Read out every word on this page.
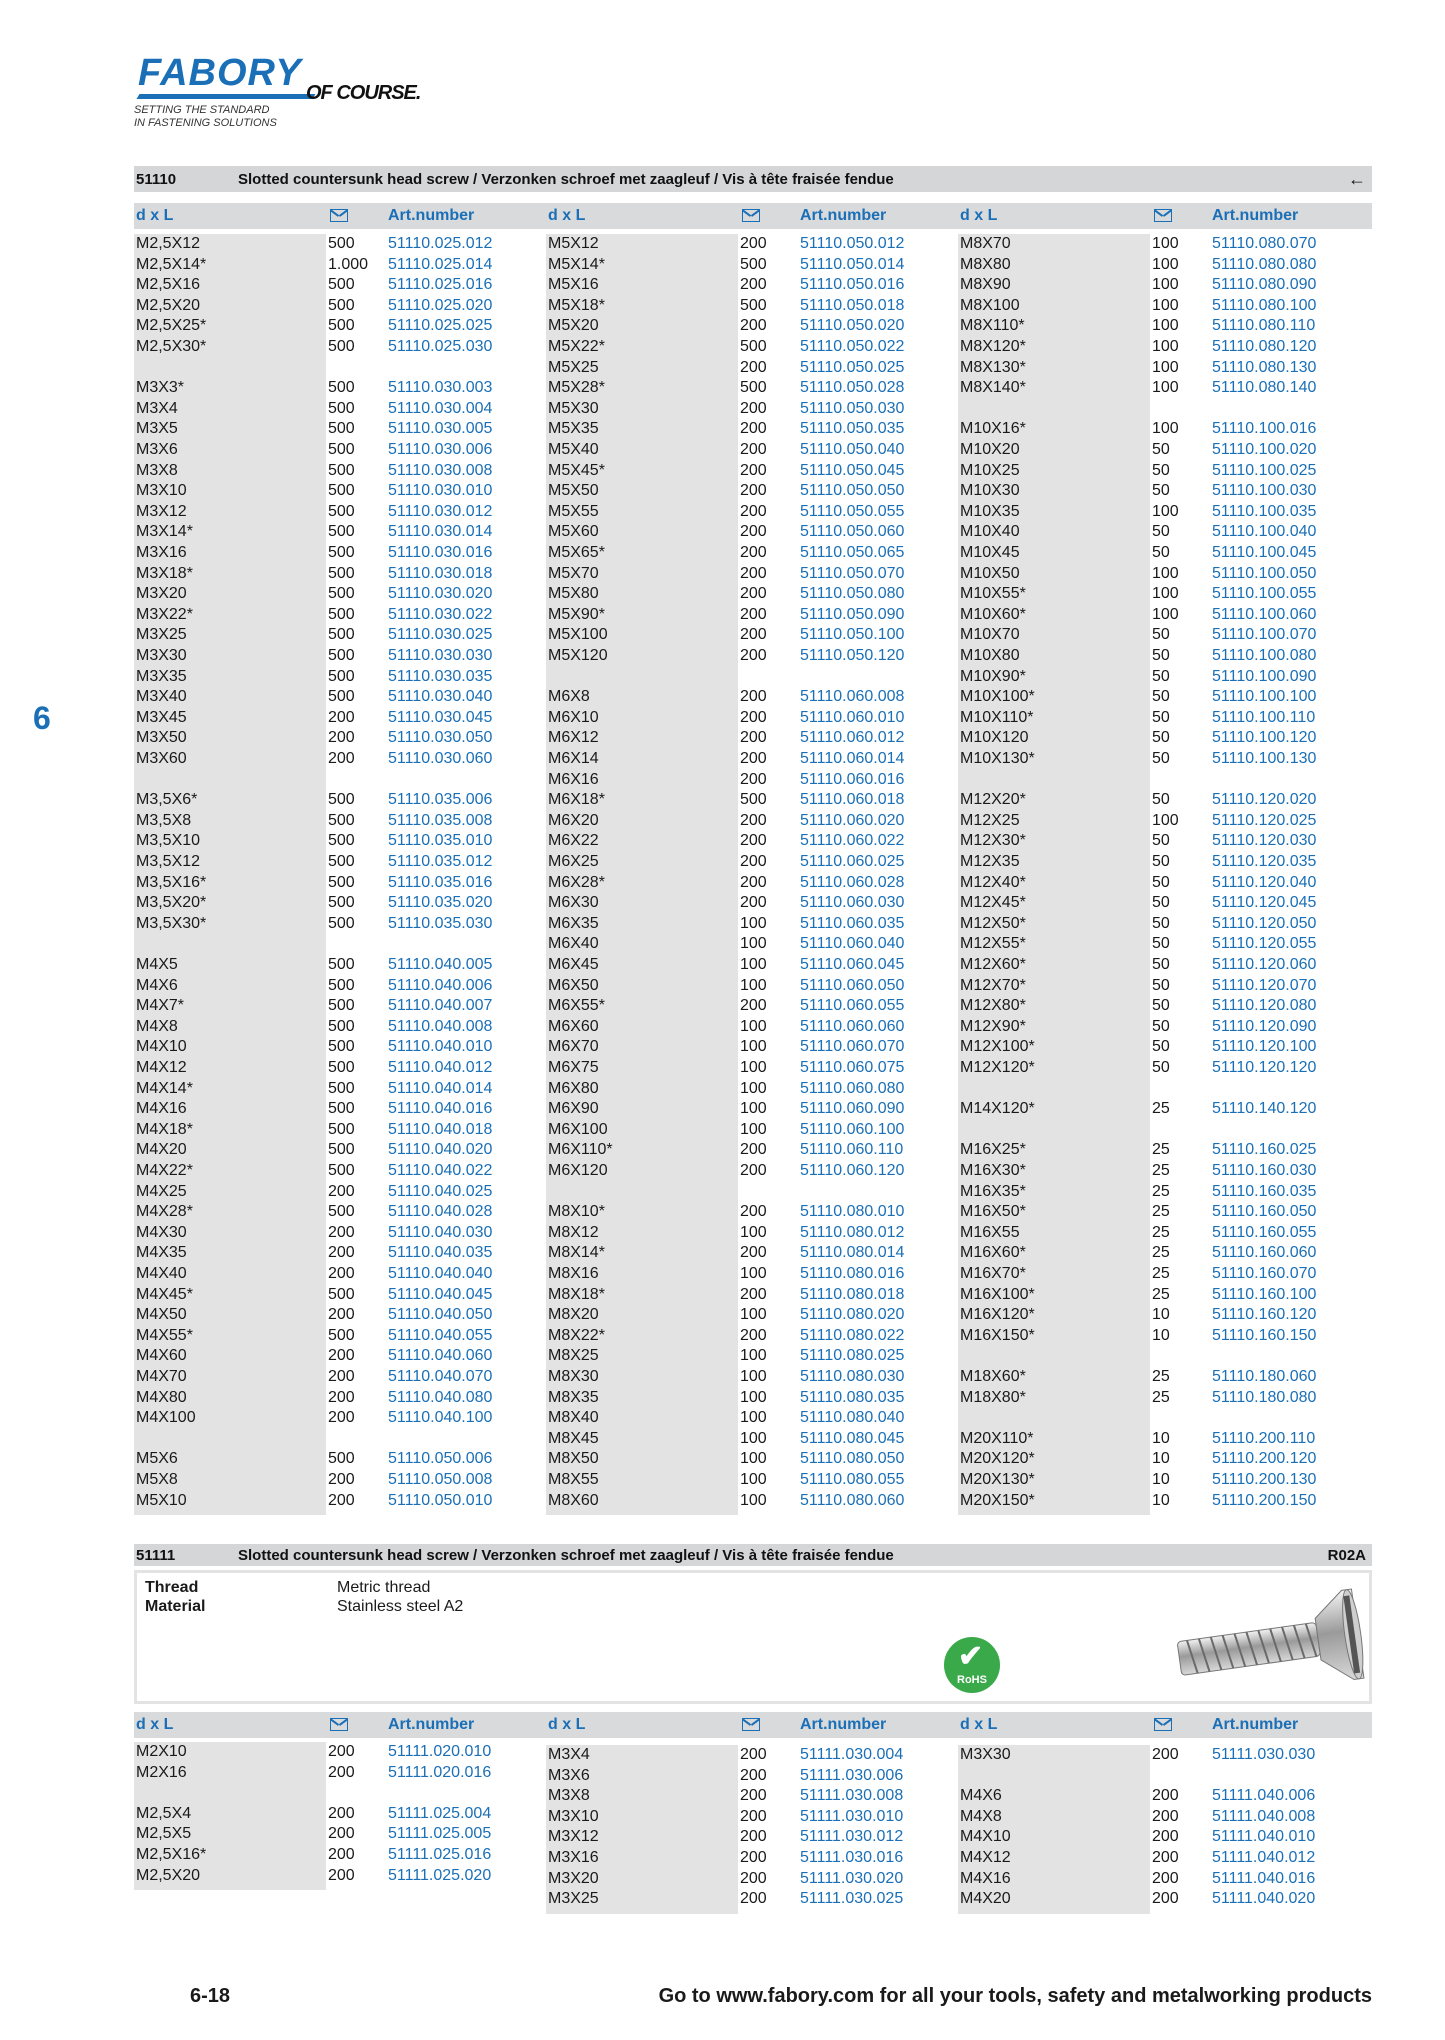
FABORY OF COURSE.
SETTING THE STANDARD
IN FASTENING SOLUTIONS
6
51110	Slotted countersunk head screw / Verzonken schroef met zaagleuf / Vis à tête fraisée fendue	←
d x L	Art.number	d x L	Art.number	d x L	Art.number
M2,5X12	500 51110.025.012
M2,5X14*	1.000 51110.025.014
M2,5X16	500 51110.025.016
M2,5X20	500 51110.025.020
M2,5X25*	500 51110.025.025
M2,5X30*	500 51110.025.030
M3X3*	500 51110.030.003
M3X4	500 51110.030.004
M3X5	500 51110.030.005
M3X6	500 51110.030.006
M3X8	500 51110.030.008
M3X10	500 51110.030.010
M3X12	500 51110.030.012
M3X14*	500 51110.030.014
M3X16	500 51110.030.016
M3X18*	500 51110.030.018
M3X20	500 51110.030.020
M3X22*	500 51110.030.022
M3X25	500 51110.030.025
M3X30	500 51110.030.030
M3X35	500 51110.030.035
M3X40	500 51110.030.040
M3X45	200 51110.030.045
M3X50	200 51110.030.050
M3X60	200 51110.030.060
M3,5X6*	500 51110.035.006
M3,5X8	500 51110.035.008
M3,5X10	500 51110.035.010
M3,5X12	500 51110.035.012
M3,5X16*	500 51110.035.016
M3,5X20*	500 51110.035.020
M3,5X30*	500 51110.035.030
M4X5	500 51110.040.005
M4X6	500 51110.040.006
M4X7*	500 51110.040.007
M4X8	500 51110.040.008
M4X10	500 51110.040.010
M4X12	500 51110.040.012
M4X14*	500 51110.040.014
M4X16	500 51110.040.016
M4X18*	500 51110.040.018
M4X20	500 51110.040.020
M4X22*	500 51110.040.022
M4X25	200 51110.040.025
M4X28*	500 51110.040.028
M4X30	200 51110.040.030
M4X35	200 51110.040.035
M4X40	200 51110.040.040
M4X45*	500 51110.040.045
M4X50	200 51110.040.050
M4X55*	500 51110.040.055
M4X60	200 51110.040.060
M4X70	200 51110.040.070
M4X80	200 51110.040.080
M4X100	200 51110.040.100
M5X6	500 51110.050.006
M5X8	200 51110.050.008
M5X10	200 51110.050.010
M5X12	200 51110.050.012
M5X14*	500 51110.050.014
M5X16	200 51110.050.016
M5X18*	500 51110.050.018
M5X20	200 51110.050.020
M5X22*	500 51110.050.022
M5X25	200 51110.050.025
M5X28*	500 51110.050.028
M5X30	200 51110.050.030
M5X35	200 51110.050.035
M5X40	200 51110.050.040
M5X45*	200 51110.050.045
M5X50	200 51110.050.050
M5X55	200 51110.050.055
M5X60	200 51110.050.060
M5X65*	200 51110.050.065
M5X70	200 51110.050.070
M5X80	200 51110.050.080
M5X90*	200 51110.050.090
M5X100	200 51110.050.100
M5X120	200 51110.050.120
M6X8	200 51110.060.008
M6X10	200 51110.060.010
M6X12	200 51110.060.012
M6X14	200 51110.060.014
M6X16	200 51110.060.016
M6X18*	500 51110.060.018
M6X20	200 51110.060.020
M6X22	200 51110.060.022
M6X25	200 51110.060.025
M6X28*	200 51110.060.028
M6X30	200 51110.060.030
M6X35	100 51110.060.035
M6X40	100 51110.060.040
M6X45	100 51110.060.045
M6X50	100 51110.060.050
M6X55*	200 51110.060.055
M6X60	100 51110.060.060
M6X70	100 51110.060.070
M6X75	100 51110.060.075
M6X80	100 51110.060.080
M6X90	100 51110.060.090
M6X100	100 51110.060.100
M6X110*	200 51110.060.110
M6X120	200 51110.060.120
M8X10*	200 51110.080.010
M8X12	100 51110.080.012
M8X14*	200 51110.080.014
M8X16	100 51110.080.016
M8X18*	200 51110.080.018
M8X20	100 51110.080.020
M8X22*	200 51110.080.022
M8X25	100 51110.080.025
M8X30	100 51110.080.030
M8X35	100 51110.080.035
M8X40	100 51110.080.040
M8X45	100 51110.080.045
M8X50	100 51110.080.050
M8X55	100 51110.080.055
M8X60	100 51110.080.060
M8X70	100 51110.080.070
M8X80	100 51110.080.080
M8X90	100 51110.080.090
M8X100	100 51110.080.100
M8X110*	100 51110.080.110
M8X120*	100 51110.080.120
M8X130*	100 51110.080.130
M8X140*	100 51110.080.140
M10X16*	100 51110.100.016
M10X20	50	51110.100.020
M10X25	50	51110.100.025
M10X30	50	51110.100.030
M10X35	100 51110.100.035
M10X40	50	51110.100.040
M10X45	50	51110.100.045
M10X50	100 51110.100.050
M10X55*	100 51110.100.055
M10X60*	100 51110.100.060
M10X70	50	51110.100.070
M10X80	50	51110.100.080
M10X90*	50	51110.100.090
M10X100*	50	51110.100.100
M10X110*	50	51110.100.110
M10X120	50	51110.100.120
M10X130*	50	51110.100.130
M12X20*	50	51110.120.020
M12X25	100 51110.120.025
M12X30*	50	51110.120.030
M12X35	50	51110.120.035
M12X40*	50	51110.120.040
M12X45*	50	51110.120.045
M12X50*	50	51110.120.050
M12X55*	50	51110.120.055
M12X60*	50	51110.120.060
M12X70*	50	51110.120.070
M12X80*	50	51110.120.080
M12X90*	50	51110.120.090
M12X100*	50	51110.120.100
M12X120*	50	51110.120.120
M14X120*	25	51110.140.120
M16X25*	25	51110.160.025
M16X30*	25	51110.160.030
M16X35*	25	51110.160.035
M16X50*	25	51110.160.050
M16X55	25	51110.160.055
M16X60*	25	51110.160.060
M16X70*	25	51110.160.070
M16X100*	25	51110.160.100
M16X120*	10	51110.160.120
M16X150*	10	51110.160.150
M18X60*	25	51110.180.060
M18X80*	25	51110.180.080
M20X110*	10	51110.200.110
M20X120*	10	51110.200.120
M20X130*	10	51110.200.130
M20X150*	10	51110.200.150
51111	Slotted countersunk head screw / Verzonken schroef met zaagleuf / Vis à tête fraisée fendue	R02A
Thread	Metric thread
Material	Stainless steel A2
✔
RoHS
d x L	Art.number	d x L	Art.number	d x L	Art.number
M2X10	200 51111.020.010
M2X16	200 51111.020.016
M2,5X4	200 51111.025.004
M2,5X5	200 51111.025.005
M2,5X16*	200 51111.025.016
M2,5X20	200 51111.025.020
M3X4	200 51111.030.004
M3X6	200 51111.030.006
M3X8	200 51111.030.008
M3X10	200 51111.030.010
M3X12	200 51111.030.012
M3X16	200 51111.030.016
M3X20	200 51111.030.020
M3X25	200 51111.030.025
M3X30	200 51111.030.030
M4X6	200 51111.040.006
M4X8	200 51111.040.008
M4X10	200 51111.040.010
M4X12	200 51111.040.012
M4X16	200 51111.040.016
M4X20	200 51111.040.020
6-18	Go to www.fabory.com for all your tools, safety and metalworking products
